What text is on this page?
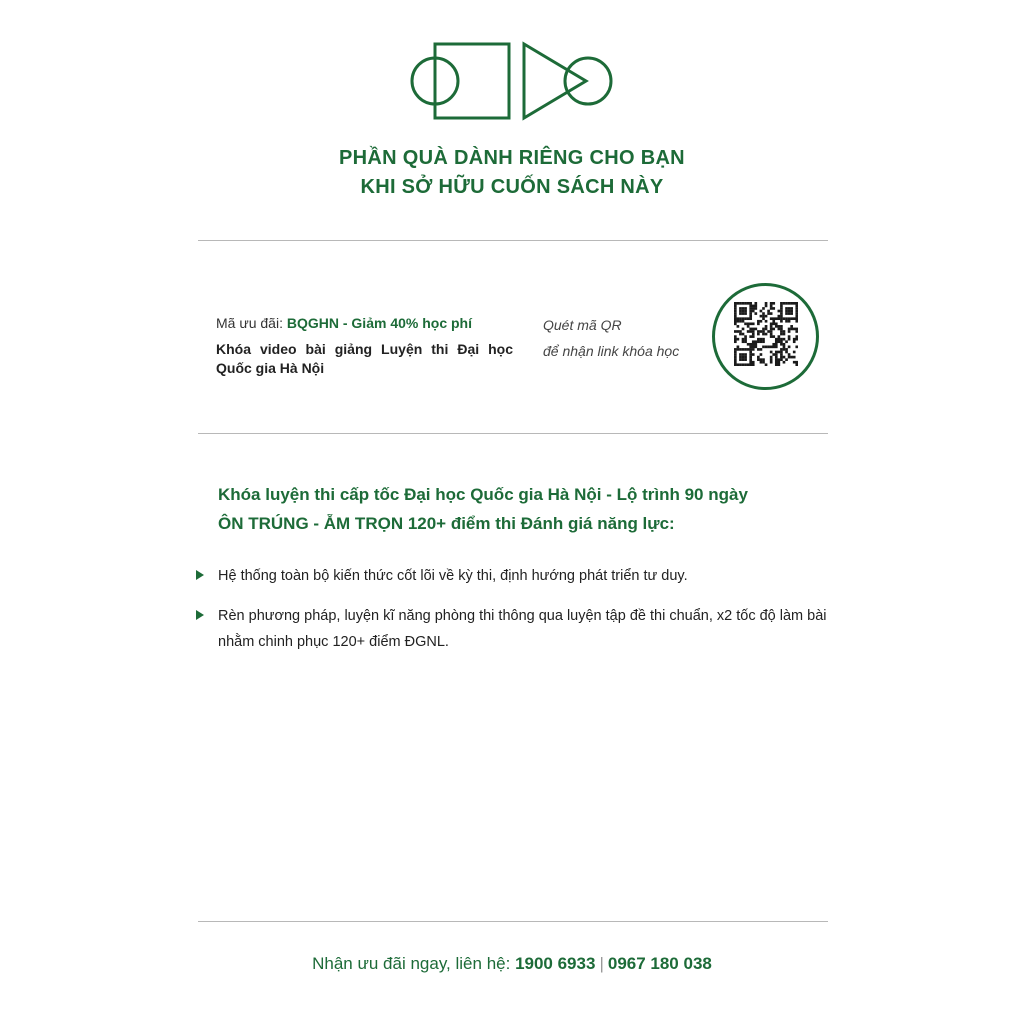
PHẦN QUÀ DÀNH RIÊNG CHO BẠN
KHI SỞ HỮU CUỐN SÁCH NÀY
Mã ưu đãi: BQGHN - Giảm 40% học phí
Khóa video bài giảng Luyện thi Đại học Quốc gia Hà Nội
Quét mã QR
để nhận link khóa học
Khóa luyện thi cấp tốc Đại học Quốc gia Hà Nội - Lộ trình 90 ngày
ÔN TRÚNG - ẴM TRỌN 120+ điểm thi Đánh giá năng lực:
Hệ thống toàn bộ kiến thức cốt lõi về kỳ thi, định hướng phát triển tư duy.
Rèn phương pháp, luyện kĩ năng phòng thi thông qua luyện tập đề thi chuẩn, x2 tốc độ làm bài nhằm chinh phục 120+ điểm ĐGNL.
Nhận ưu đãi ngay, liên hệ: 1900 6933 | 0967 180 038
